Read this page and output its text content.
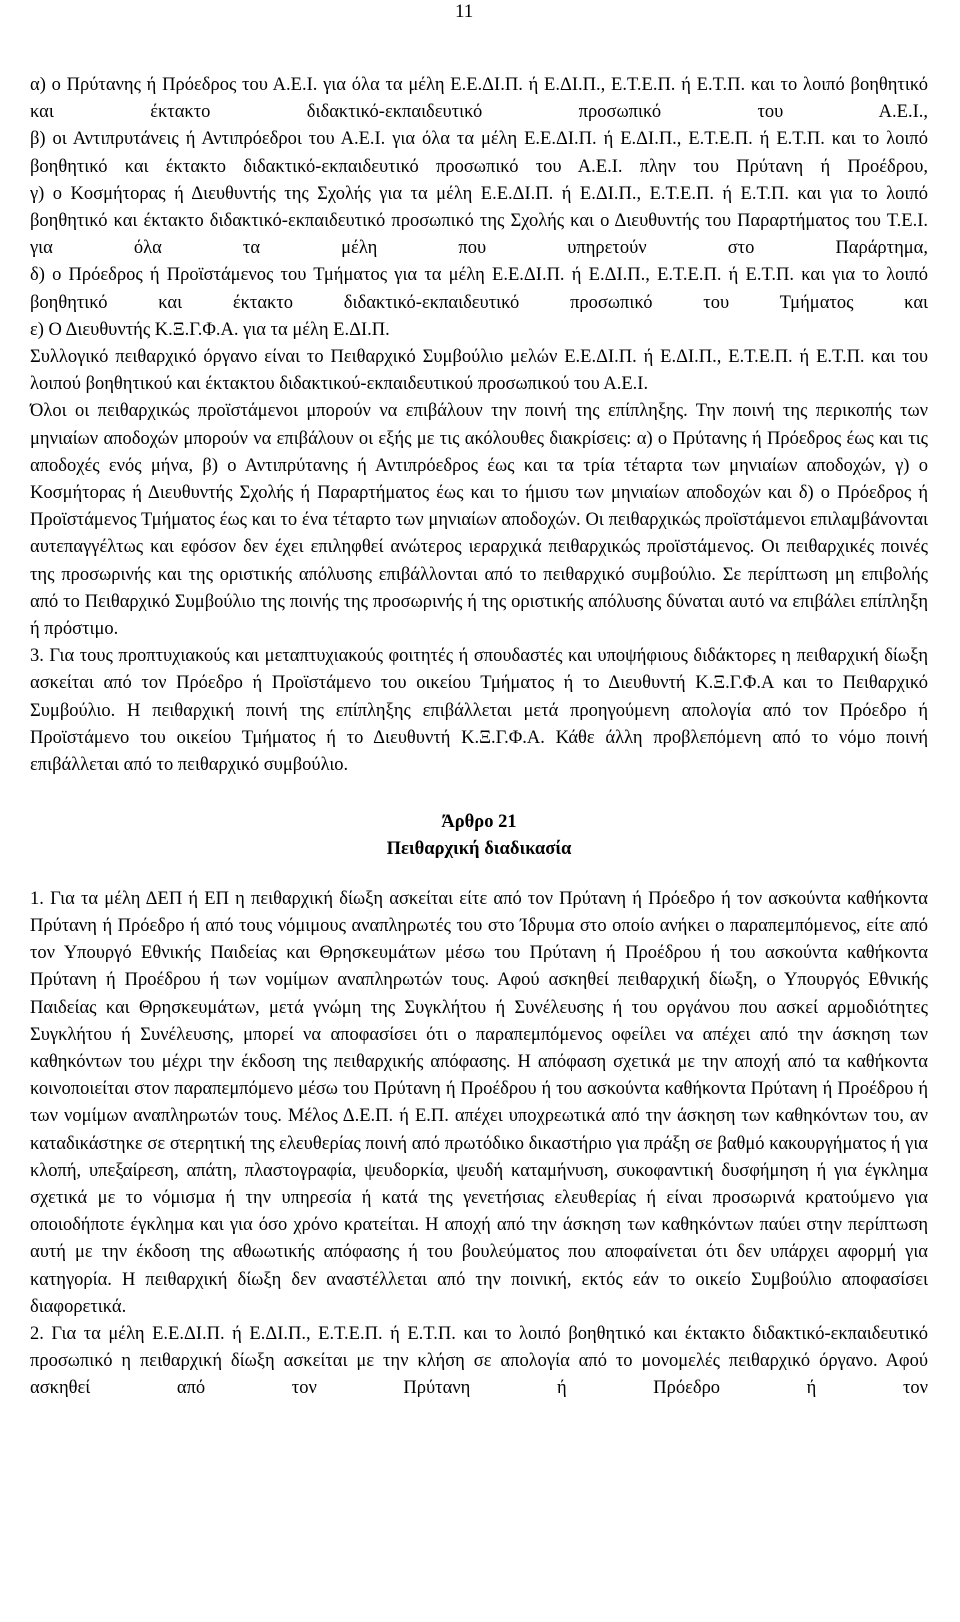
11

α) ο Πρύτανης ή Πρόεδρος του Α.Ε.Ι. για όλα τα μέλη Ε.Ε.ΔΙ.Π. ή Ε.ΔΙ.Π., Ε.Τ.Ε.Π. ή Ε.Τ.Π. και το λοιπό βοηθητικό και έκτακτο διδακτικό-εκπαιδευτικό προσωπικό του Α.Ε.Ι.,

β) οι Αντιπρυτάνεις ή Αντιπρόεδροι του Α.Ε.Ι. για όλα τα μέλη Ε.Ε.ΔΙ.Π. ή Ε.ΔΙ.Π., Ε.Τ.Ε.Π. ή Ε.Τ.Π. και το λοιπό βοηθητικό και έκτακτο διδακτικό-εκπαιδευτικό προσωπικό του Α.Ε.Ι. πλην του Πρύτανη ή Προέδρου,

γ) ο Κοσμήτορας ή Διευθυντής της Σχολής για τα μέλη Ε.Ε.ΔΙ.Π. ή Ε.ΔΙ.Π., Ε.Τ.Ε.Π. ή Ε.Τ.Π. και για το λοιπό βοηθητικό και έκτακτο διδακτικό-εκπαιδευτικό προσωπικό της Σχολής και ο Διευθυντής του Παραρτήματος του Τ.Ε.Ι. για όλα τα μέλη που υπηρετούν στο Παράρτημα,

δ) ο Πρόεδρος ή Προϊστάμενος του Τμήματος για τα μέλη Ε.Ε.ΔΙ.Π. ή Ε.ΔΙ.Π., Ε.Τ.Ε.Π. ή Ε.Τ.Π. και για το λοιπό βοηθητικό και έκτακτο διδακτικό-εκπαιδευτικό προσωπικό του Τμήματος και

ε) Ο Διευθυντής Κ.Ξ.Γ.Φ.Α. για τα μέλη Ε.ΔΙ.Π.

Συλλογικό πειθαρχικό όργανο είναι το Πειθαρχικό Συμβούλιο μελών Ε.Ε.ΔΙ.Π. ή Ε.ΔΙ.Π., Ε.Τ.Ε.Π. ή Ε.Τ.Π. και του λοιπού βοηθητικού και έκτακτου διδακτικού-εκπαιδευτικού προσωπικού του Α.Ε.Ι.

Όλοι οι πειθαρχικώς προϊστάμενοι μπορούν να επιβάλουν την ποινή της επίπληξης. Την ποινή της περικοπής των μηνιαίων αποδοχών μπορούν να επιβάλουν οι εξής με τις ακόλουθες διακρίσεις: α) ο Πρύτανης ή Πρόεδρος έως και τις αποδοχές ενός μήνα, β) ο Αντιπρύτανης ή Αντιπρόεδρος έως και τα τρία τέταρτα των μηνιαίων αποδοχών, γ) ο Κοσμήτορας ή Διευθυντής Σχολής ή Παραρτήματος έως και το ήμισυ των μηνιαίων αποδοχών και δ) ο Πρόεδρος ή Προϊστάμενος Τμήματος έως και το ένα τέταρτο των μηνιαίων αποδοχών. Οι πειθαρχικώς προϊστάμενοι επιλαμβάνονται αυτεπαγγέλτως και εφόσον δεν έχει επιληφθεί ανώτερος ιεραρχικά πειθαρχικώς προϊστάμενος. Οι πειθαρχικές ποινές της προσωρινής και της οριστικής απόλυσης επιβάλλονται από το πειθαρχικό συμβούλιο. Σε περίπτωση μη επιβολής από το Πειθαρχικό Συμβούλιο της ποινής της προσωρινής ή της οριστικής απόλυσης δύναται αυτό να επιβάλει επίπληξη ή πρόστιμο.

3. Για τους προπτυχιακούς και μεταπτυχιακούς φοιτητές ή σπουδαστές και υποψήφιους διδάκτορες η πειθαρχική δίωξη ασκείται από τον Πρόεδρο ή Προϊστάμενο του οικείου Τμήματος ή το Διευθυντή Κ.Ξ.Γ.Φ.Α και το Πειθαρχικό Συμβούλιο. Η πειθαρχική ποινή της επίπληξης επιβάλλεται μετά προηγούμενη απολογία από τον Πρόεδρο ή Προϊστάμενο του οικείου Τμήματος ή το Διευθυντή Κ.Ξ.Γ.Φ.Α. Κάθε άλλη προβλεπόμενη από το νόμο ποινή επιβάλλεται από το πειθαρχικό συμβούλιο.

Άρθρο 21

Πειθαρχική διαδικασία

1. Για τα μέλη ΔΕΠ ή ΕΠ η πειθαρχική δίωξη ασκείται είτε από τον Πρύτανη ή Πρόεδρο ή τον ασκούντα καθήκοντα Πρύτανη ή Πρόεδρο ή από τους νόμιμους αναπληρωτές του στο Ίδρυμα στο οποίο ανήκει ο παραπεμπόμενος, είτε από τον Υπουργό Εθνικής Παιδείας και Θρησκευμάτων μέσω του Πρύτανη ή Προέδρου ή του ασκούντα καθήκοντα Πρύτανη ή Προέδρου ή των νομίμων αναπληρωτών τους. Αφού ασκηθεί πειθαρχική δίωξη, ο Υπουργός Εθνικής Παιδείας και Θρησκευμάτων, μετά γνώμη της Συγκλήτου ή Συνέλευσης ή του οργάνου που ασκεί αρμοδιότητες Συγκλήτου ή Συνέλευσης, μπορεί να αποφασίσει ότι ο παραπεμπόμενος οφείλει να απέχει από την άσκηση των καθηκόντων του μέχρι την έκδοση της πειθαρχικής απόφασης. Η απόφαση σχετικά με την αποχή από τα καθήκοντα κοινοποιείται στον παραπεμπόμενο μέσω του Πρύτανη ή Προέδρου ή του ασκούντα καθήκοντα Πρύτανη ή Προέδρου ή των νομίμων αναπληρωτών τους. Μέλος Δ.Ε.Π. ή Ε.Π. απέχει υποχρεωτικά από την άσκηση των καθηκόντων του, αν καταδικάστηκε σε στερητική της ελευθερίας ποινή από πρωτόδικο δικαστήριο για πράξη σε βαθμό κακουργήματος ή για κλοπή, υπεξαίρεση, απάτη, πλαστογραφία, ψευδορκία, ψευδή καταμήνυση, συκοφαντική δυσφήμηση ή για έγκλημα σχετικά με το νόμισμα ή την υπηρεσία ή κατά της γενετήσιας ελευθερίας ή είναι προσωρινά κρατούμενο για οποιοδήποτε έγκλημα και για όσο χρόνο κρατείται. Η αποχή από την άσκηση των καθηκόντων παύει στην περίπτωση αυτή με την έκδοση της αθωωτικής απόφασης ή του βουλεύματος που αποφαίνεται ότι δεν υπάρχει αφορμή για κατηγορία. Η πειθαρχική δίωξη δεν αναστέλλεται από την ποινική, εκτός εάν το οικείο Συμβούλιο αποφασίσει διαφορετικά.

2. Για τα μέλη Ε.Ε.ΔΙ.Π. ή Ε.ΔΙ.Π., Ε.Τ.Ε.Π. ή Ε.Τ.Π. και το λοιπό βοηθητικό και έκτακτο διδακτικό-εκπαιδευτικό προσωπικό η πειθαρχική δίωξη ασκείται με την κλήση σε απολογία από το μονομελές πειθαρχικό όργανο. Αφού ασκηθεί από τον Πρύτανη ή Πρόεδρο ή τον
